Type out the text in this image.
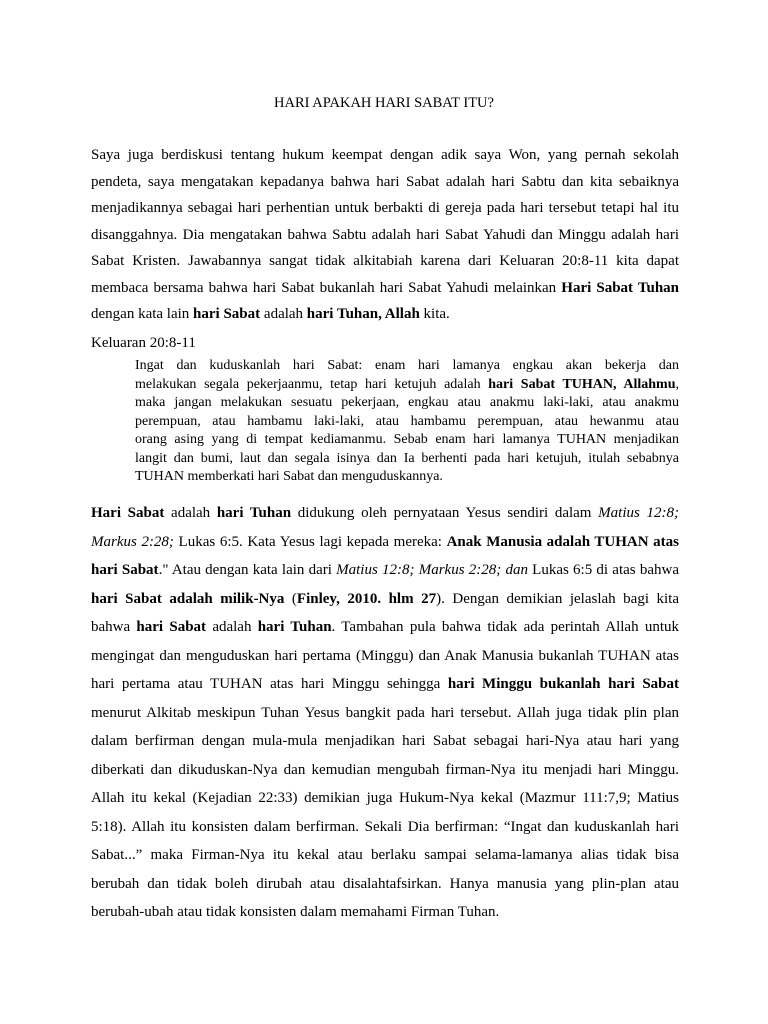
HARI APAKAH HARI SABAT ITU?
Saya juga berdiskusi tentang hukum keempat dengan adik saya Won, yang pernah sekolah
pendeta, saya mengatakan kepadanya bahwa hari Sabat adalah hari Sabtu dan kita sebaiknya
menjadikannya sebagai hari perhentian untuk berbakti di gereja pada hari tersebut tetapi hal itu
disanggahnya. Dia mengatakan bahwa Sabtu adalah hari Sabat Yahudi dan Minggu adalah hari
Sabat Kristen. Jawabannya sangat tidak alkitabiah karena dari Keluaran 20:8-11 kita dapat
membaca bersama bahwa hari Sabat bukanlah hari Sabat Yahudi melainkan Hari Sabat Tuhan
dengan kata lain hari Sabat adalah hari Tuhan, Allah kita.
Keluaran 20:8-11
Ingat dan kuduskanlah hari Sabat: enam hari lamanya engkau akan bekerja dan
melakukan segala pekerjaanmu, tetap hari ketujuh adalah hari Sabat TUHAN, Allahmu,
maka jangan melakukan sesuatu pekerjaan, engkau atau anakmu laki-laki, atau anakmu
perempuan, atau hambamu laki-laki, atau hambamu perempuan, atau hewanmu atau
orang asing yang di tempat kediamanmu. Sebab enam hari lamanya TUHAN menjadikan
langit dan bumi, laut dan segala isinya dan Ia berhenti pada hari ketujuh, itulah sebabnya
TUHAN memberkati hari Sabat dan menguduskannya.
Hari Sabat adalah hari Tuhan didukung oleh pernyataan Yesus sendiri dalam Matius 12:8;
Markus 2:28; Lukas 6:5. Kata Yesus lagi kepada mereka: Anak Manusia adalah TUHAN atas
hari Sabat." Atau dengan kata lain dari Matius 12:8; Markus 2:28; dan Lukas 6:5 di atas bahwa
hari Sabat adalah milik-Nya (Finley, 2010. hlm 27). Dengan demikian jelaslah bagi kita
bahwa hari Sabat adalah hari Tuhan. Tambahan pula bahwa tidak ada perintah Allah untuk
mengingat dan menguduskan hari pertama (Minggu) dan Anak Manusia bukanlah TUHAN atas
hari pertama atau TUHAN atas hari Minggu sehingga hari Minggu bukanlah hari Sabat
menurut Alkitab meskipun Tuhan Yesus bangkit pada hari tersebut. Allah juga tidak plin plan
dalam berfirman dengan mula-mula menjadikan hari Sabat sebagai hari-Nya atau hari yang
diberkati dan dikuduskan-Nya dan kemudian mengubah firman-Nya itu menjadi hari Minggu.
Allah itu kekal (Kejadian 22:33) demikian juga Hukum-Nya kekal (Mazmur 111:7,9; Matius
5:18). Allah itu konsisten dalam berfirman. Sekali Dia berfirman: “Ingat dan kuduskanlah hari
Sabat...” maka Firman-Nya itu kekal atau berlaku sampai selama-lamanya alias tidak bisa
berubah dan tidak boleh dirubah atau disalahtafsirkan. Hanya manusia yang plin-plan atau
berubah-ubah atau tidak konsisten dalam memahami Firman Tuhan.
